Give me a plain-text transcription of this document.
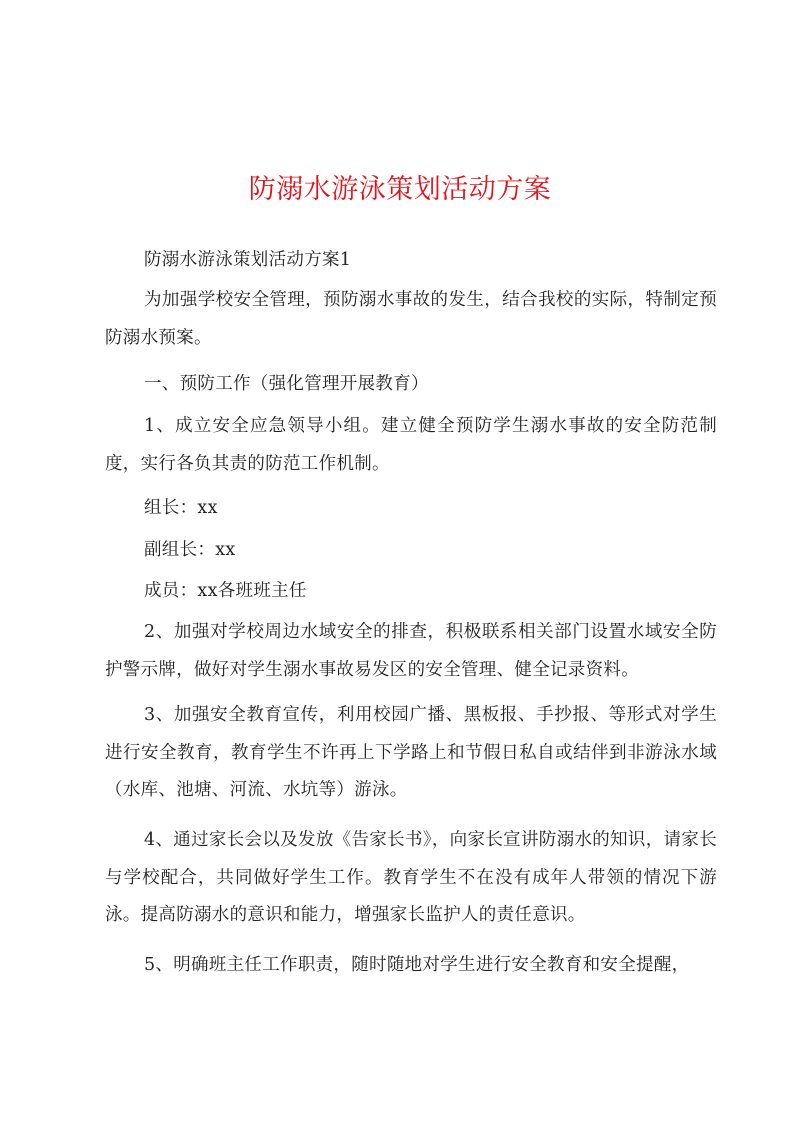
防溺水游泳策划活动方案

防溺水游泳策划活动方案1

为加强学校安全管理，预防溺水事故的发生，结合我校的实际，特制定预防溺水预案。

一、预防工作（强化管理开展教育）

1、成立安全应急领导小组。建立健全预防学生溺水事故的安全防范制度，实行各负其责的防范工作机制。

组长：xx

副组长：xx

成员：xx各班班主任

2、加强对学校周边水域安全的排查，积极联系相关部门设置水域安全防护警示牌，做好对学生溺水事故易发区的安全管理、健全记录资料。

3、加强安全教育宣传，利用校园广播、黑板报、手抄报、等形式对学生进行安全教育，教育学生不许再上下学路上和节假日私自或结伴到非游泳水域（水库、池塘、河流、水坑等）游泳。

4、通过家长会以及发放《告家长书》，向家长宣讲防溺水的知识，请家长与学校配合，共同做好学生工作。教育学生不在没有成年人带领的情况下游泳。提高防溺水的意识和能力，增强家长监护人的责任意识。

5、明确班主任工作职责，随时随地对学生进行安全教育和安全提醒，
